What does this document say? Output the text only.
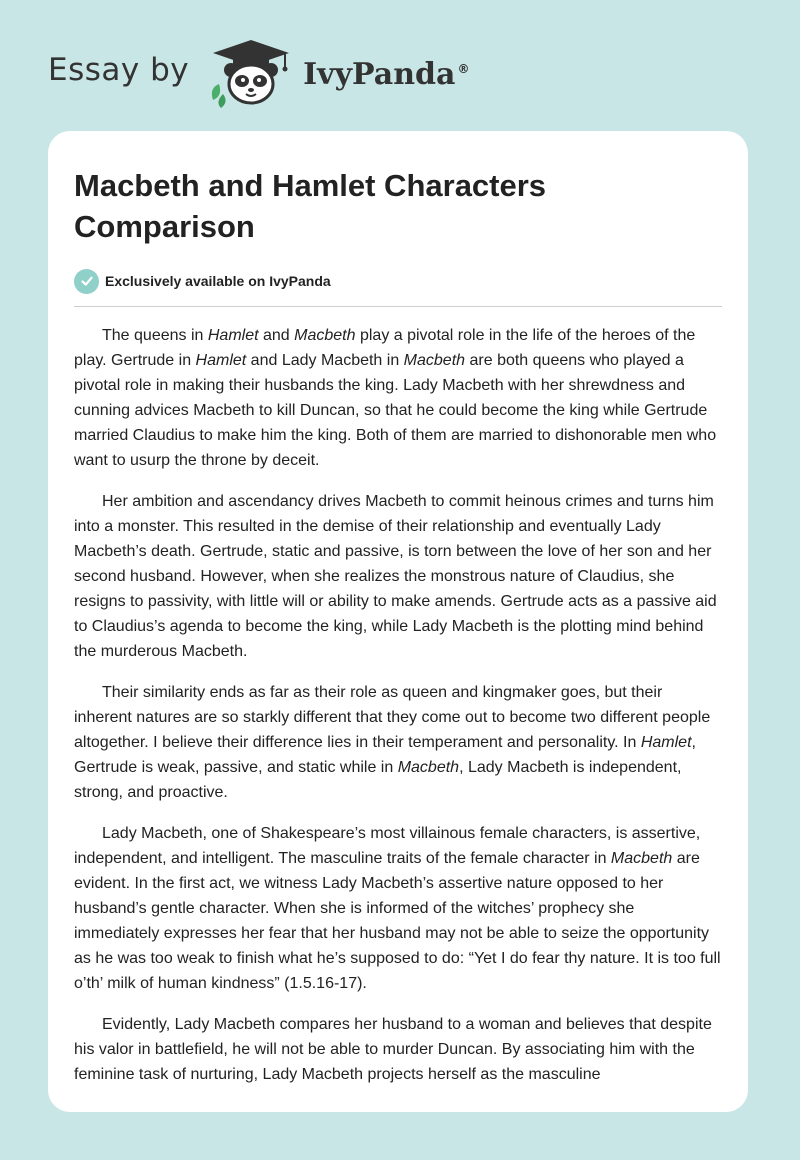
Essay by	IvyPanda ®
Macbeth and Hamlet Characters Comparison
Exclusively available on IvyPanda

The queens in Hamlet and Macbeth play a pivotal role in the life of the heroes of the play. Gertrude in Hamlet and Lady Macbeth in Macbeth are both queens who played a pivotal role in making their husbands the king. Lady Macbeth with her shrewdness and cunning advices Macbeth to kill Duncan, so that he could become the king while Gertrude married Claudius to make him the king. Both of them are married to dishonorable men who want to usurp the throne by deceit.

Her ambition and ascendancy drives Macbeth to commit heinous crimes and turns him into a monster. This resulted in the demise of their relationship and eventually Lady Macbeth’s death. Gertrude, static and passive, is torn between the love of her son and her second husband. However, when she realizes the monstrous nature of Claudius, she resigns to passivity, with little will or ability to make amends. Gertrude acts as a passive aid to Claudius’s agenda to become the king, while Lady Macbeth is the plotting mind behind the murderous Macbeth.

Their similarity ends as far as their role as queen and kingmaker goes, but their inherent natures are so starkly different that they come out to become two different people altogether. I believe their difference lies in their temperament and personality. In Hamlet, Gertrude is weak, passive, and static while in Macbeth, Lady Macbeth is independent, strong, and proactive.

Lady Macbeth, one of Shakespeare’s most villainous female characters, is assertive, independent, and intelligent. The masculine traits of the female character in Macbeth are evident. In the first act, we witness Lady Macbeth’s assertive nature opposed to her husband’s gentle character. When she is informed of the witches’ prophecy she immediately expresses her fear that her husband may not be able to seize the opportunity as he was too weak to finish what he’s supposed to do: “Yet I do fear thy nature. It is too full o’th’ milk of human kindness” (1.5.16-17).

Evidently, Lady Macbeth compares her husband to a woman and believes that despite his valor in battlefield, he will not be able to murder Duncan. By associating him with the feminine task of nurturing, Lady Macbeth projects herself as the masculine
